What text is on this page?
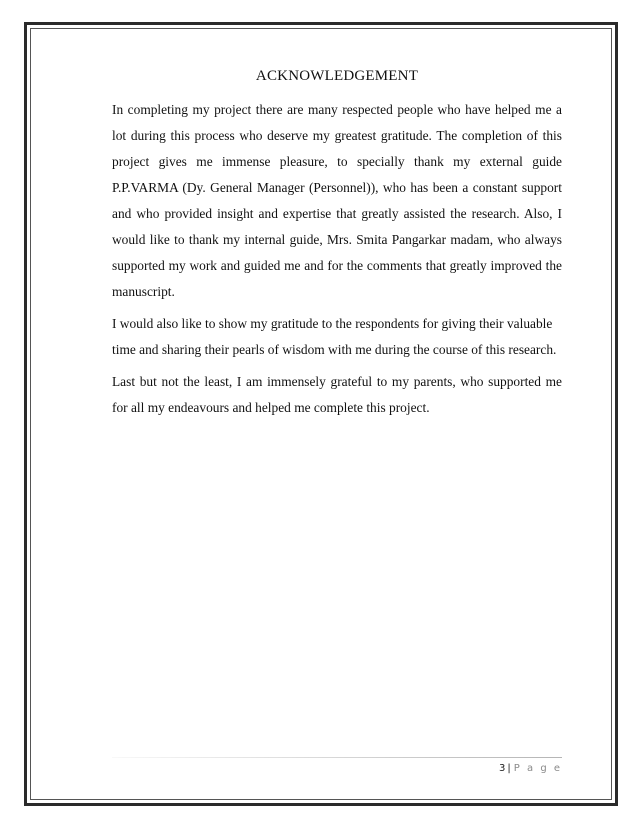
ACKNOWLEDGEMENT

In completing my project there are many respected people who have helped me a lot during this process who deserve my greatest gratitude. The completion of this project gives me immense pleasure, to specially thank my external guide P.P.VARMA (Dy. General Manager (Personnel)), who has been a constant support and who provided insight and expertise that greatly assisted the research. Also, I would like to thank my internal guide, Mrs. Smita Pangarkar madam, who always supported my work and guided me and for the comments that greatly improved the manuscript.

I would also like to show my gratitude to the respondents for giving their valuable time and sharing their pearls of wisdom with me during the course of this research.

Last but not the least, I am immensely grateful to my parents, who supported me for all my endeavours and helped me complete this project.

3 | P a g e
